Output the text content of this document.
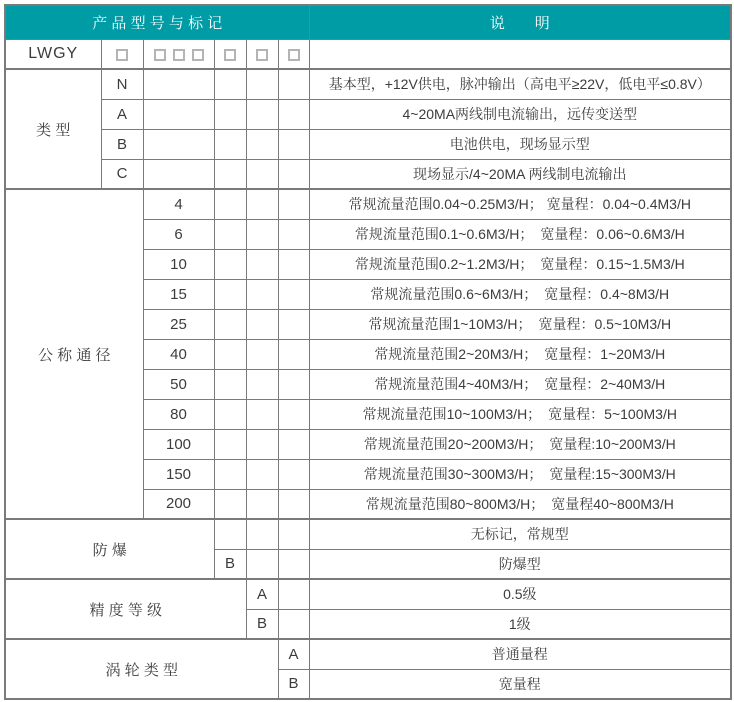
产 品 型 号 与 标 记						说　　明
LWGY						
类 型	N					基本型，+12V供电，脉冲输出（高电平≥22V，低电平≤0.8V）
	A					4~20MA两线制电流输出，远传变送型
	B					电池供电，现场显示型
	C					现场显示/4~20MA 两线制电流输出
公 称 通 径		4				常规流量范围0.04~0.25M3/H； 宽量程：0.04~0.4M3/H
		6				常规流量范围0.1~0.6M3/H；　宽量程：0.06~0.6M3/H
		10				常规流量范围0.2~1.2M3/H；　宽量程：0.15~1.5M3/H
		15				常规流量范围0.6~6M3/H；　宽量程：0.4~8M3/H
		25				常规流量范围1~10M3/H；　宽量程：0.5~10M3/H
		40				常规流量范围2~20M3/H；　宽量程：1~20M3/H
		50				常规流量范围4~40M3/H；　宽量程：2~40M3/H
		80				常规流量范围10~100M3/H；　宽量程：5~100M3/H
		100				常规流量范围20~200M3/H；　宽量程:10~200M3/H
		150				常规流量范围30~300M3/H；　宽量程:15~300M3/H
		200				常规流量范围80~800M3/H；　宽量程40~800M3/H
防 爆						无标记，常规型
			B			防爆型
精 度 等 级				A		0.5级
				B		1级
涡 轮 类 型					A	普通量程
					B	宽量程
